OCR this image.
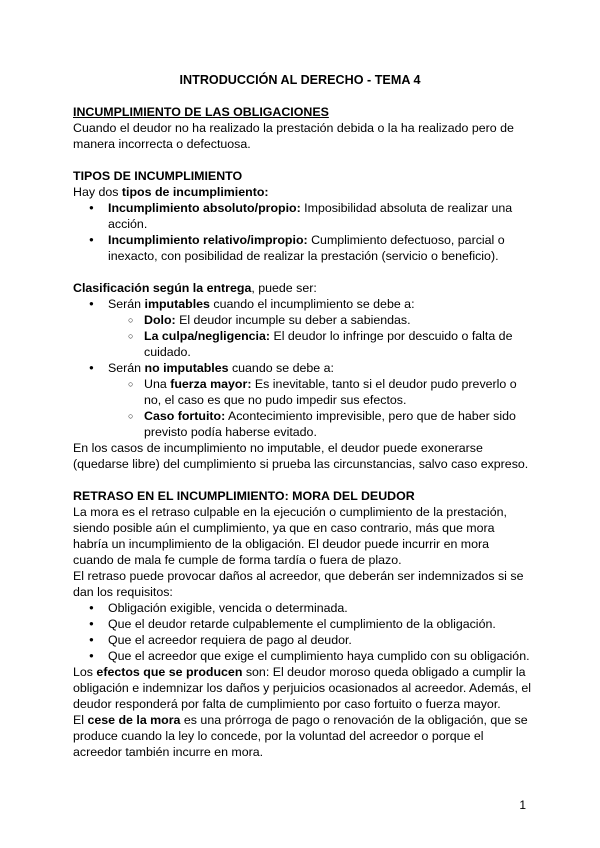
INTRODUCCIÓN AL DERECHO - TEMA 4

INCUMPLIMIENTO DE LAS OBLIGACIONES

Cuando el deudor no ha realizado la prestación debida o la ha realizado pero de manera incorrecta o defectuosa.

TIPOS DE INCUMPLIMIENTO

Hay dos tipos de incumplimiento:

● Incumplimiento absoluto/propio: Imposibilidad absoluta de realizar una acción.
● Incumplimiento relativo/impropio: Cumplimiento defectuoso, parcial o inexacto, con posibilidad de realizar la prestación (servicio o beneficio).

Clasificación según la entrega, puede ser:

● Serán imputables cuando el incumplimiento se debe a:
○ Dolo: El deudor incumple su deber a sabiendas.
○ La culpa/negligencia: El deudor lo infringe por descuido o falta de cuidado.
● Serán no imputables cuando se debe a:
○ Una fuerza mayor: Es inevitable, tanto si el deudor pudo preverlo o no, el caso es que no pudo impedir sus efectos.
○ Caso fortuito: Acontecimiento imprevisible, pero que de haber sido previsto podía haberse evitado.

En los casos de incumplimiento no imputable, el deudor puede exonerarse (quedarse libre) del cumplimiento si prueba las circunstancias, salvo caso expreso.

RETRASO EN EL INCUMPLIMIENTO: MORA DEL DEUDOR

La mora es el retraso culpable en la ejecución o cumplimiento de la prestación, siendo posible aún el cumplimiento, ya que en caso contrario, más que mora habría un incumplimiento de la obligación. El deudor puede incurrir en mora cuando de mala fe cumple de forma tardía o fuera de plazo.

El retraso puede provocar daños al acreedor, que deberán ser indemnizados si se dan los requisitos:

● Obligación exigible, vencida o determinada.
● Que el deudor retarde culpablemente el cumplimiento de la obligación.
● Que el acreedor requiera de pago al deudor.
● Que el acreedor que exige el cumplimiento haya cumplido con su obligación.

Los efectos que se producen son: El deudor moroso queda obligado a cumplir la obligación e indemnizar los daños y perjuicios ocasionados al acreedor. Además, el deudor responderá por falta de cumplimiento por caso fortuito o fuerza mayor.

El cese de la mora es una prórroga de pago o renovación de la obligación, que se produce cuando la ley lo concede, por la voluntad del acreedor o porque el acreedor también incurre en mora.

1
